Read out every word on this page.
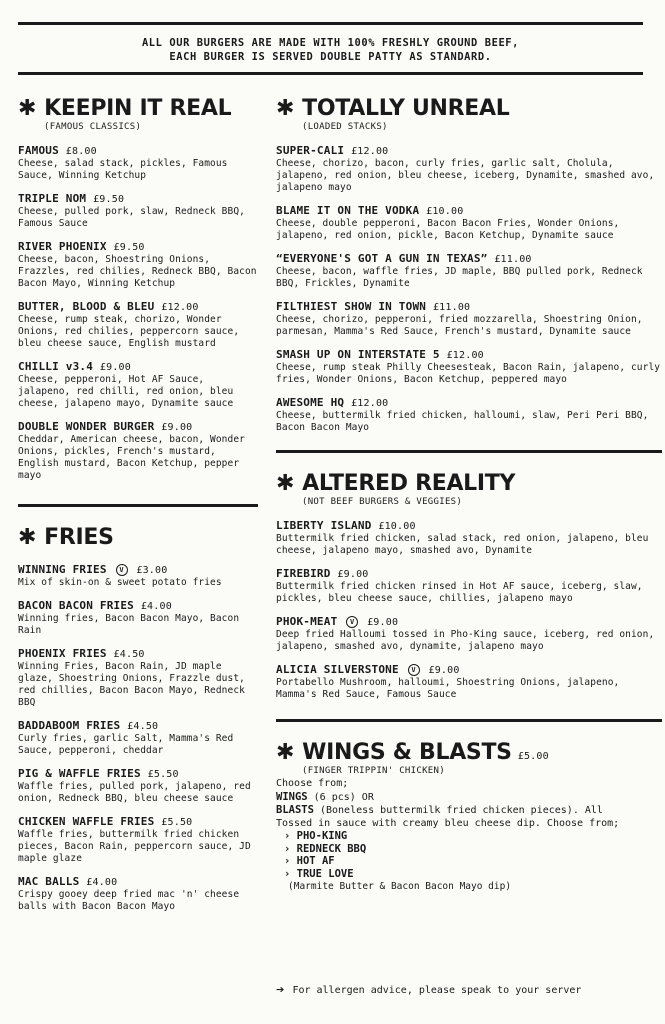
ALL OUR BURGERS ARE MADE WITH 100% FRESHLY GROUND BEEF,
EACH BURGER IS SERVED DOUBLE PATTY AS STANDARD.
✱ KEEPIN IT REAL
(FAMOUS CLASSICS)
FAMOUS £8.00
Cheese, salad stack, pickles, Famous Sauce, Winning Ketchup
TRIPLE NOM £9.50
Cheese, pulled pork, slaw, Redneck BBQ, Famous Sauce
RIVER PHOENIX £9.50
Cheese, bacon, Shoestring Onions, Frazzles, red chilies, Redneck BBQ, Bacon Bacon Mayo, Winning Ketchup
BUTTER, BLOOD & BLEU £12.00
Cheese, rump steak, chorizo, Wonder Onions, red chilies, peppercorn sauce, bleu cheese sauce, English mustard
CHILLI v3.4 £9.00
Cheese, pepperoni, Hot AF Sauce, jalapeno, red chilli, red onion, bleu cheese, jalapeno mayo, Dynamite sauce
DOUBLE WONDER BURGER £9.00
Cheddar, American cheese, bacon, Wonder Onions, pickles, French's mustard, English mustard, Bacon Ketchup, pepper mayo
✱ FRIES
WINNING FRIES V £3.00
Mix of skin-on & sweet potato fries
BACON BACON FRIES £4.00
Winning fries, Bacon Bacon Mayo, Bacon Rain
PHOENIX FRIES £4.50
Winning Fries, Bacon Rain, JD maple glaze, Shoestring Onions, Frazzle dust, red chillies, Bacon Bacon Mayo, Redneck BBQ
BADDABOOM FRIES £4.50
Curly fries, garlic Salt, Mamma's Red Sauce, pepperoni, cheddar
PIG & WAFFLE FRIES £5.50
Waffle fries, pulled pork, jalapeno, red onion, Redneck BBQ, bleu cheese sauce
CHICKEN WAFFLE FRIES £5.50
Waffle fries, buttermilk fried chicken pieces, Bacon Rain, peppercorn sauce, JD maple glaze
MAC BALLS £4.00
Crispy gooey deep fried mac 'n' cheese balls with Bacon Bacon Mayo
✱ TOTALLY UNREAL
(LOADED STACKS)
SUPER-CALI £12.00
Cheese, chorizo, bacon, curly fries, garlic salt, Cholula, jalapeno, red onion, bleu cheese, iceberg, Dynamite, smashed avo, jalapeno mayo
BLAME IT ON THE VODKA £10.00
Cheese, double pepperoni, Bacon Bacon Fries, Wonder Onions, jalapeno, red onion, pickle, Bacon Ketchup, Dynamite sauce
“EVERYONE'S GOT A GUN IN TEXAS” £11.00
Cheese, bacon, waffle fries, JD maple, BBQ pulled pork, Redneck BBQ, Frickles, Dynamite
FILTHIEST SHOW IN TOWN £11.00
Cheese, chorizo, pepperoni, fried mozzarella, Shoestring Onion, parmesan, Mamma's Red Sauce, French's mustard, Dynamite sauce
SMASH UP ON INTERSTATE 5 £12.00
Cheese, rump steak Philly Cheesesteak, Bacon Rain, jalapeno, curly fries, Wonder Onions, Bacon Ketchup, peppered mayo
AWESOME HQ £12.00
Cheese, buttermilk fried chicken, halloumi, slaw, Peri Peri BBQ, Bacon Bacon Mayo
✱ ALTERED REALITY
(NOT BEEF BURGERS & VEGGIES)
LIBERTY ISLAND £10.00
Buttermilk fried chicken, salad stack, red onion, jalapeno, bleu cheese, jalapeno mayo, smashed avo, Dynamite
FIREBIRD £9.00
Buttermilk fried chicken rinsed in Hot AF sauce, iceberg, slaw, pickles, bleu cheese sauce, chillies, jalapeno mayo
PHOK-MEAT V £9.00
Deep fried Halloumi tossed in Pho-King sauce, iceberg, red onion, jalapeno, smashed avo, dynamite, jalapeno mayo
ALICIA SILVERSTONE V £9.00
Portabello Mushroom, halloumi, Shoestring Onions, jalapeno, Mamma's Red Sauce, Famous Sauce
✱ WINGS & BLASTS £5.00
(FINGER TRIPPIN' CHICKEN)
Choose from;
WINGS (6 pcs) OR
BLASTS (Boneless buttermilk fried chicken pieces). All
Tossed in sauce with creamy bleu cheese dip. Choose from;
› PHO-KING
› REDNECK BBQ
› HOT AF
› TRUE LOVE
(Marmite Butter & Bacon Bacon Mayo dip)
➔ For allergen advice, please speak to your server
